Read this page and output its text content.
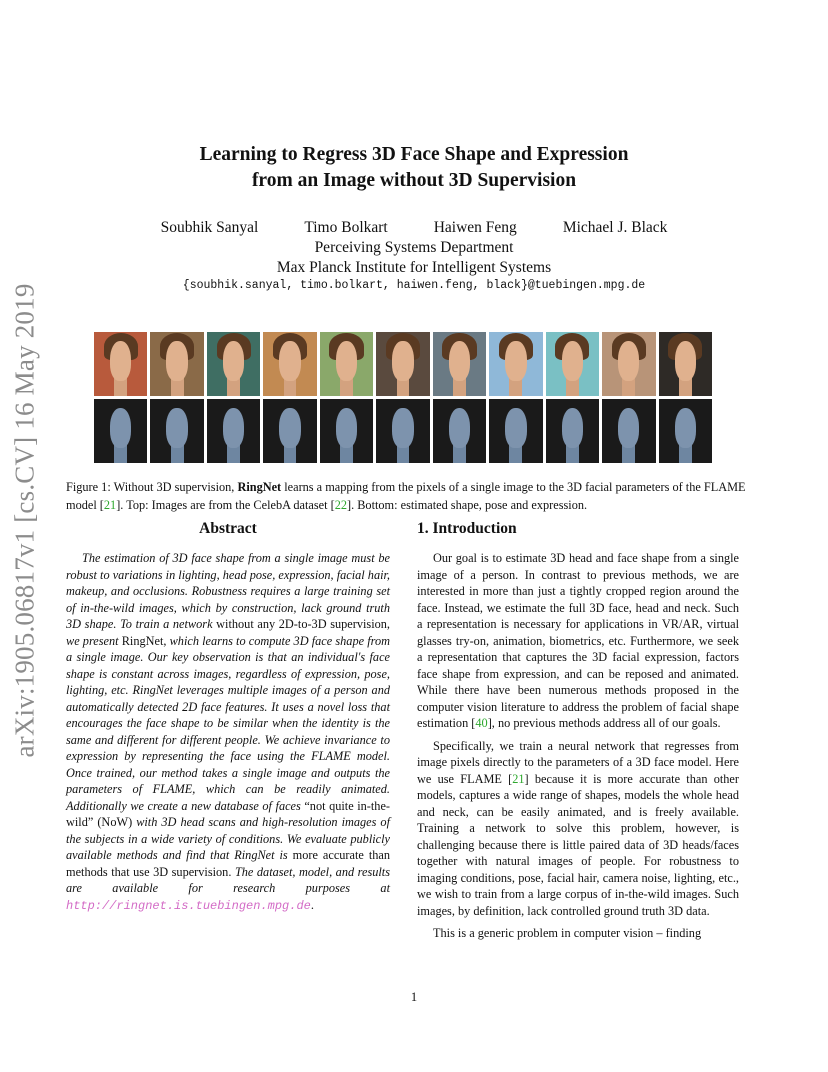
arXiv:1905.06817v1 [cs.CV] 16 May 2019
Learning to Regress 3D Face Shape and Expression
from an Image without 3D Supervision
Soubhik Sanyal	Timo Bolkart	Haiwen Feng	Michael J. Black
Perceiving Systems Department
Max Planck Institute for Intelligent Systems
{soubhik.sanyal, timo.bolkart, haiwen.feng, black}@tuebingen.mpg.de
Figure 1: Without 3D supervision, RingNet learns a mapping from the pixels of a single image to the 3D facial parameters of the FLAME model [21]. Top: Images are from the CelebA dataset [22]. Bottom: estimated shape, pose and expression.
Abstract

The estimation of 3D face shape from a single image must be robust to variations in lighting, head pose, expression, facial hair, makeup, and occlusions. Robustness requires a large training set of in-the-wild images, which by construction, lack ground truth 3D shape. To train a network without any 2D-to-3D supervision, we present RingNet, which learns to compute 3D face shape from a single image. Our key observation is that an individual's face shape is constant across images, regardless of expression, pose, lighting, etc. RingNet leverages multiple images of a person and automatically detected 2D face features. It uses a novel loss that encourages the face shape to be similar when the identity is the same and different for different people. We achieve invariance to expression by representing the face using the FLAME model. Once trained, our method takes a single image and outputs the parameters of FLAME, which can be readily animated. Additionally we create a new database of faces “not quite in-the-wild” (NoW) with 3D head scans and high-resolution images of the subjects in a wide variety of conditions. We evaluate publicly available methods and find that RingNet is more accurate than methods that use 3D supervision. The dataset, model, and results are available for research purposes at http://ringnet.is.tuebingen.mpg.de.

1. Introduction

Our goal is to estimate 3D head and face shape from a single image of a person. In contrast to previous methods, we are interested in more than just a tightly cropped region around the face. Instead, we estimate the full 3D face, head and neck. Such a representation is necessary for applications in VR/AR, virtual glasses try-on, animation, biometrics, etc. Furthermore, we seek a representation that captures the 3D facial expression, factors face shape from expression, and can be reposed and animated. While there have been numerous methods proposed in the computer vision literature to address the problem of facial shape estimation [40], no previous methods address all of our goals.

Specifically, we train a neural network that regresses from image pixels directly to the parameters of a 3D face model. Here we use FLAME [21] because it is more accurate than other models, captures a wide range of shapes, models the whole head and neck, can be easily animated, and is freely available. Training a network to solve this problem, however, is challenging because there is little paired data of 3D heads/faces together with natural images of people. For robustness to imaging conditions, pose, facial hair, camera noise, lighting, etc., we wish to train from a large corpus of in-the-wild images. Such images, by definition, lack controlled ground truth 3D data.

This is a generic problem in computer vision – finding

1
